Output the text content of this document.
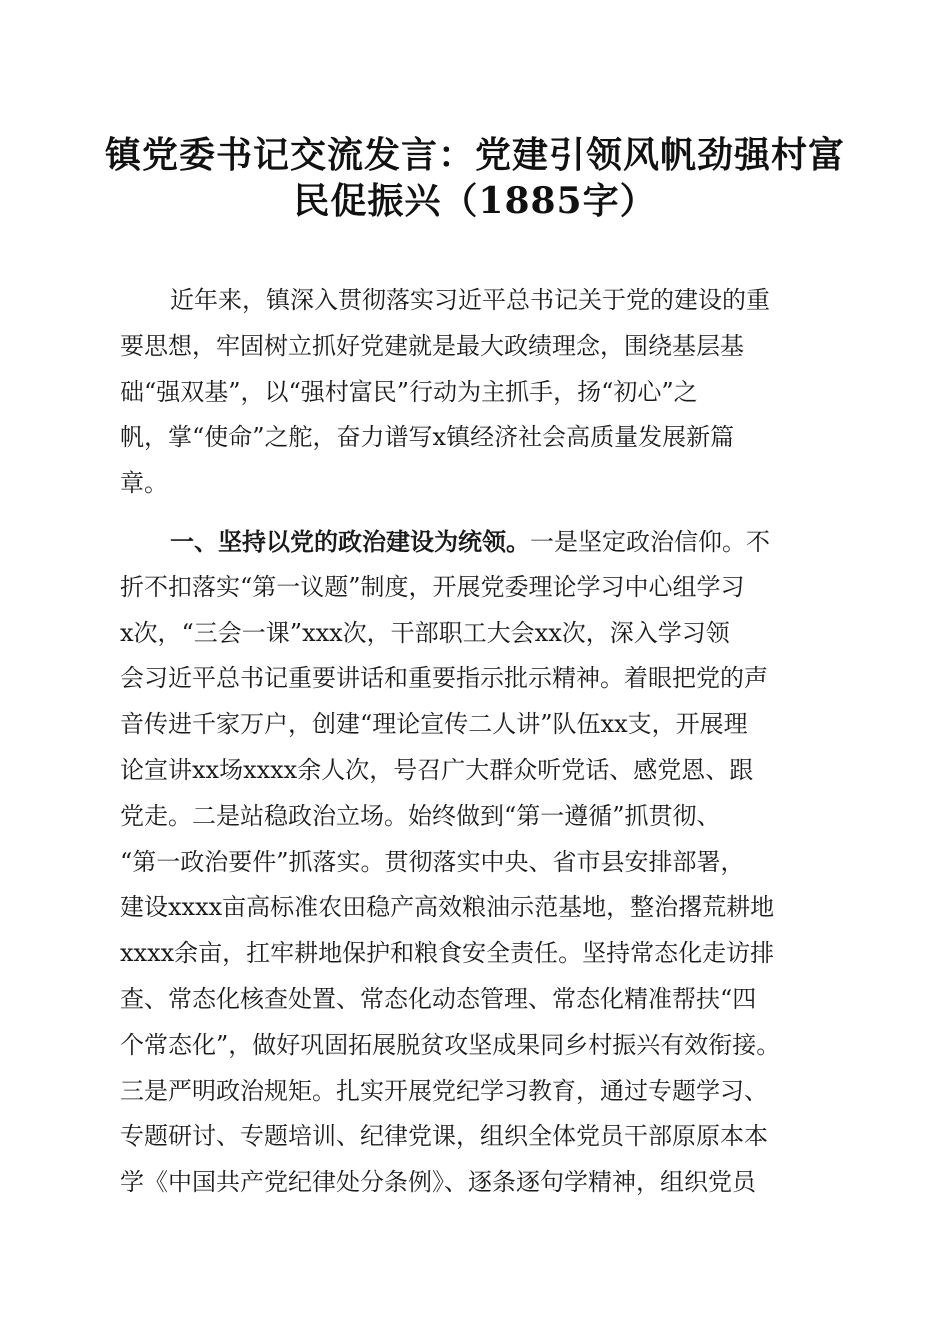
镇党委书记交流发言：党建引领风帆劲强村富
民促振兴（1885字）
近年来，镇深入贯彻落实习近平总书记关于党的建设的重
要思想，牢固树立抓好党建就是最大政绩理念，围绕基层基
础“强双基”，以“强村富民”行动为主抓手，扬“初心”之
帆，掌“使命”之舵，奋力谱写x镇经济社会高质量发展新篇
章。
一、坚持以党的政治建设为统领。一是坚定政治信仰。不
折不扣落实“第一议题”制度，开展党委理论学习中心组学习
x次，“三会一课”xxx次，干部职工大会xx次，深入学习领
会习近平总书记重要讲话和重要指示批示精神。着眼把党的声
音传进千家万户，创建“理论宣传二人讲”队伍xx支，开展理
论宣讲xx场xxxx余人次，号召广大群众听党话、感党恩、跟
党走。二是站稳政治立场。始终做到“第一遵循”抓贯彻、
“第一政治要件”抓落实。贯彻落实中央、省市县安排部署，
建设xxxx亩高标准农田稳产高效粮油示范基地，整治撂荒耕地
xxxx余亩，扛牢耕地保护和粮食安全责任。坚持常态化走访排
查、常态化核查处置、常态化动态管理、常态化精准帮扶“四
个常态化”，做好巩固拓展脱贫攻坚成果同乡村振兴有效衔接。
三是严明政治规矩。扎实开展党纪学习教育，通过专题学习、
专题研讨、专题培训、纪律党课，组织全体党员干部原原本本
学《中国共产党纪律处分条例》、逐条逐句学精神，组织党员
